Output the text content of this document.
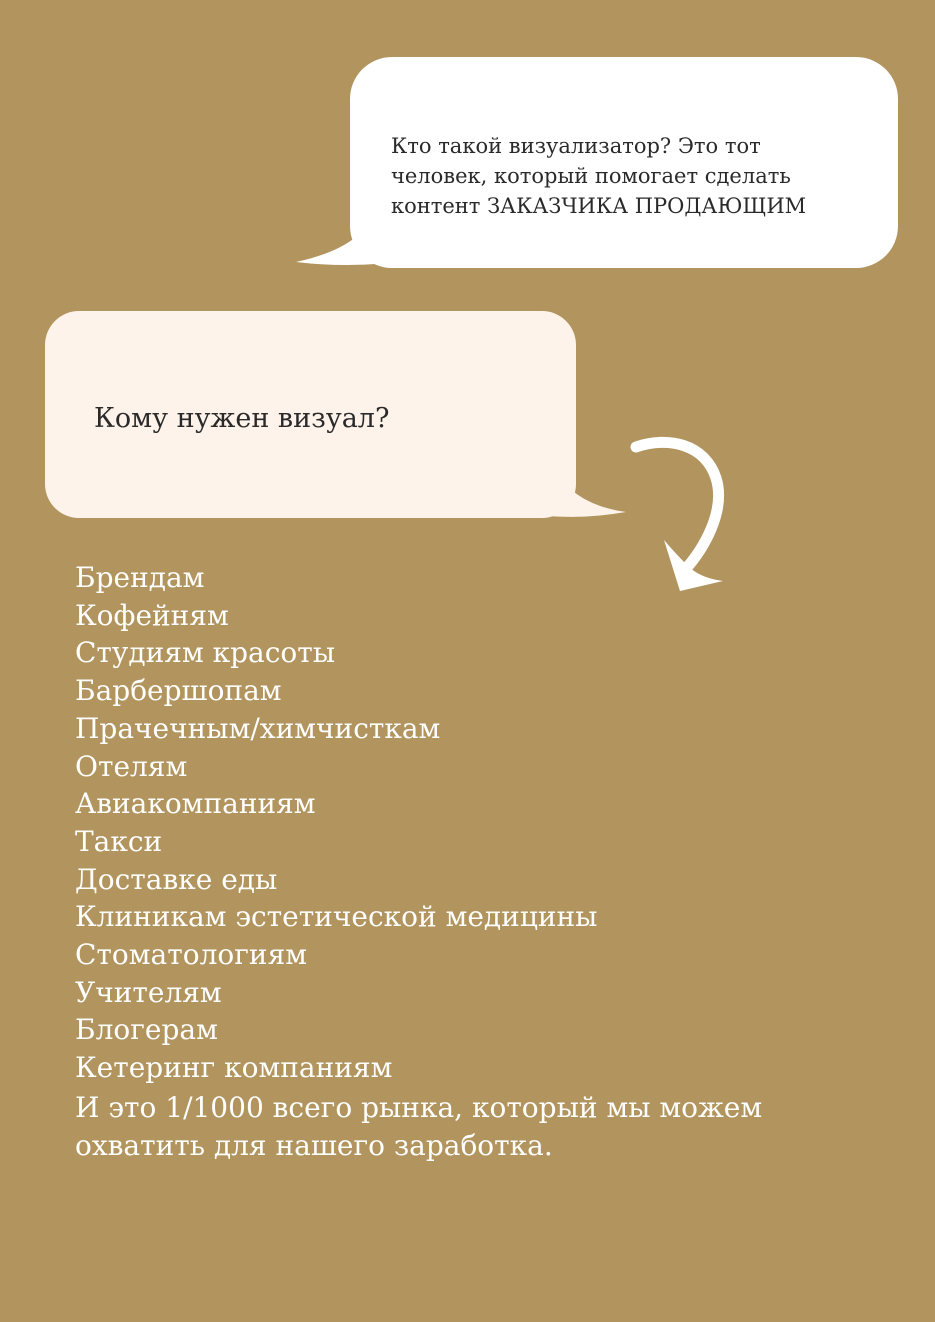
Кто такой визуализатор? Это тот
человек, который помогает сделать
контент ЗАКАЗЧИКА ПРОДАЮЩИМ
Кому нужен визуал?
Брендам
Кофейням
Студиям красоты
Барбершопам
Прачечным/химчисткам
Отелям
Авиакомпаниям
Такси
Доставке еды
Клиникам эстетической медицины
Стоматологиям
Учителям
Блогерам
Кетеринг компаниям
И это 1/1000 всего рынка, который мы можем охватить для нашего заработка.
